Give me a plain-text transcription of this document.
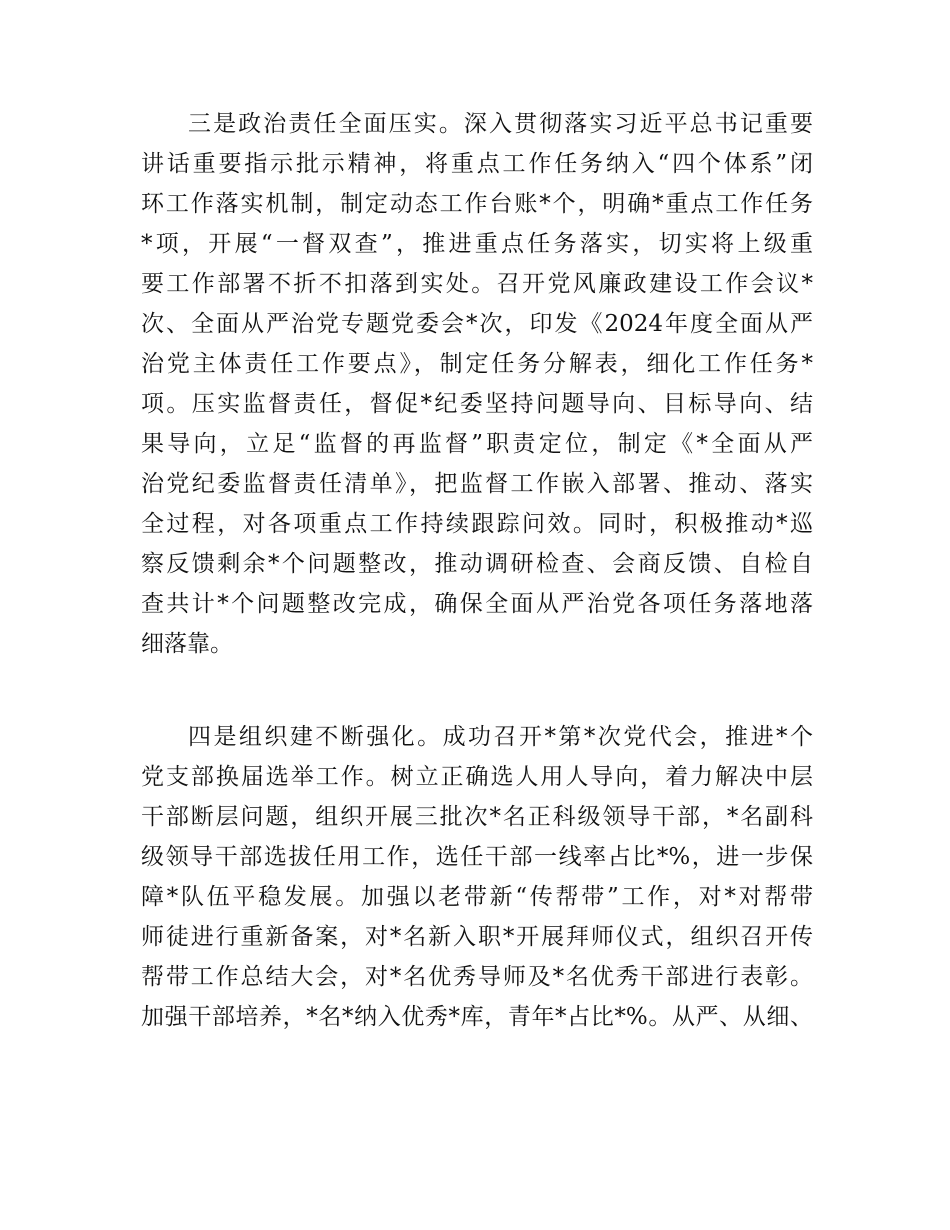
三是政治责任全面压实。深入贯彻落实习近平总书记重要
讲话重要指示批示精神，将重点工作任务纳入“四个体系”闭
环工作落实机制，制定动态工作台账*个，明确*重点工作任务
*项，开展“一督双查”，推进重点任务落实，切实将上级重
要工作部署不折不扣落到实处。召开党风廉政建设工作会议*
次、全面从严治党专题党委会*次，印发《2024年度全面从严
治党主体责任工作要点》，制定任务分解表，细化工作任务*
项。压实监督责任，督促*纪委坚持问题导向、目标导向、结
果导向，立足“监督的再监督”职责定位，制定《*全面从严
治党纪委监督责任清单》，把监督工作嵌入部署、推动、落实
全过程，对各项重点工作持续跟踪问效。同时，积极推动*巡
察反馈剩余*个问题整改，推动调研检查、会商反馈、自检自
查共计*个问题整改完成，确保全面从严治党各项任务落地落
细落靠。
四是组织建不断强化。成功召开*第*次党代会，推进*个
党支部换届选举工作。树立正确选人用人导向，着力解决中层
干部断层问题，组织开展三批次*名正科级领导干部，*名副科
级领导干部选拔任用工作，选任干部一线率占比*%，进一步保
障*队伍平稳发展。加强以老带新“传帮带”工作，对*对帮带
师徒进行重新备案，对*名新入职*开展拜师仪式，组织召开传
帮带工作总结大会，对*名优秀导师及*名优秀干部进行表彰。
加强干部培养，*名*纳入优秀*库，青年*占比*%。从严、从细、
